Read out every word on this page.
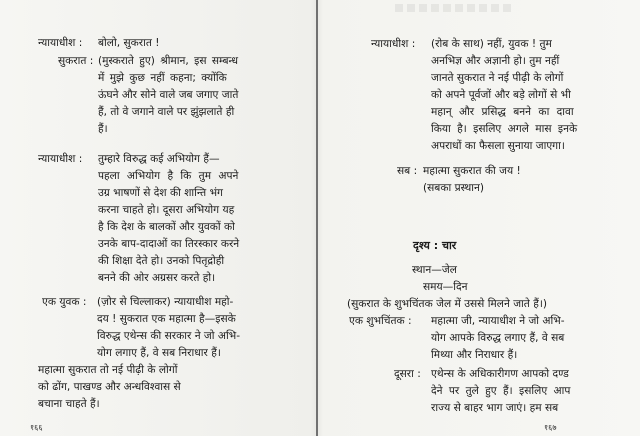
न्यायाधीश : बोलो, सुकरात !
सुकरात : (मुस्कराते हुए) श्रीमान, इस सम्बन्ध
में मुझे कुछ नहीं कहना; क्योंकि
ऊंघने और सोने वाले जब जगाए जाते
हैं, तो वे जगाने वाले पर झुंझलाते ही
हैं।
न्यायाधीश : तुम्हारे विरुद्ध कई अभियोग हैं—
पहला अभियोग है कि तुम अपने
उग्र भाषणों से देश की शान्ति भंग
करना चाहते हो। दूसरा अभियोग यह
है कि देश के बालकों और युवकों को
उनके बाप-दादाओं का तिरस्कार करने
की शिक्षा देते हो। उनको पितृद्रोही
बनने की ओर अग्रसर करते हो।
एक युवक : (ज़ोर से चिल्लाकर) न्यायाधीश महो-
दय ! सुकरात एक महात्मा है—इसके
विरुद्ध एथेन्स की सरकार ने जो अभि-
योग लगाए हैं, वे सब निराधार हैं।
महात्मा सुकरात तो नई पीढ़ी के लोगों
को ढोंग, पाखण्ड और अन्धविश्वास से
बचाना चाहते हैं।
१६६
न्यायाधीश : (रोब के साथ) नहीं, युवक ! तुम
अनभिज्ञ और अज्ञानी हो। तुम नहीं
जानते सुकरात ने नई पीढ़ी के लोगों
को अपने पूर्वजों और बड़े लोगों से भी
महान् और प्रसिद्ध बनने का दावा
किया है। इसलिए अगले मास इनके
अपराधों का फैसला सुनाया जाएगा।
सब : महात्मा सुकरात की जय !
(सबका प्रस्थान)
दृश्य : चार
स्थान—जेल
समय—दिन
(सुकरात के शुभचिंतक जेल में उससे मिलने जाते हैं।)
एक शुभचिंतक : महात्मा जी, न्यायाधीश ने जो अभि-
योग आपके विरुद्ध लगाए हैं, वे सब
मिथ्या और निराधार हैं।
दूसरा : एथेन्स के अधिकारीगण आपको दण्ड
देने पर तुले हुए हैं। इसलिए आप
राज्य से बाहर भाग जाएं। हम सब
१६७
